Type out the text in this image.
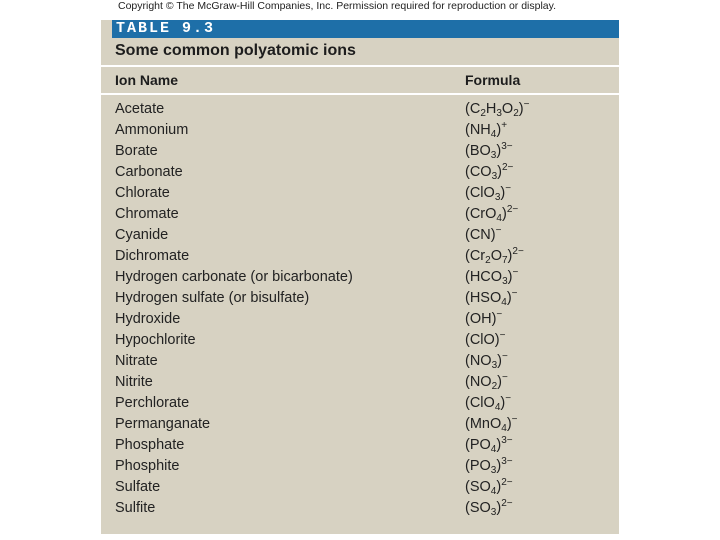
Copyright © The McGraw-Hill Companies, Inc. Permission required for reproduction or display.
TABLE 9.3
Some common polyatomic ions
Ion Name	Formula
Acetate	$(C_2H_3O_2)^-$
Ammonium	$(NH_4)^+$
Borate	$(BO_3)^{3-}$
Carbonate	$(CO_3)^{2-}$
Chlorate	(ClO$_3$)−
Chromate	$(CrO_4)^{2-}$
Cyanide	(CN)−
Dichromate	$(Cr_2O_7)^{2-}$
Hydrogen carbonate (or bicarbonate)	$(HCO_3)^-$
Hydrogen sulfate (or bisulfate)	$(HSO_4)^-$
Hydroxide	(OH)−
Hypochlorite	(ClO)−
Nitrate	$(NO_3)^-$
Nitrite	$(NO_2)^-$
Perchlorate	(ClO$_4$)−
Permanganate	(MnO$_4$)−
Phosphate	$(PO_4)^{3-}$
Phosphite	$(PO_3)^{3-}$
Sulfate	$(SO_4)^{2-}$
Sulfite	$(SO_3)^{2-}$
